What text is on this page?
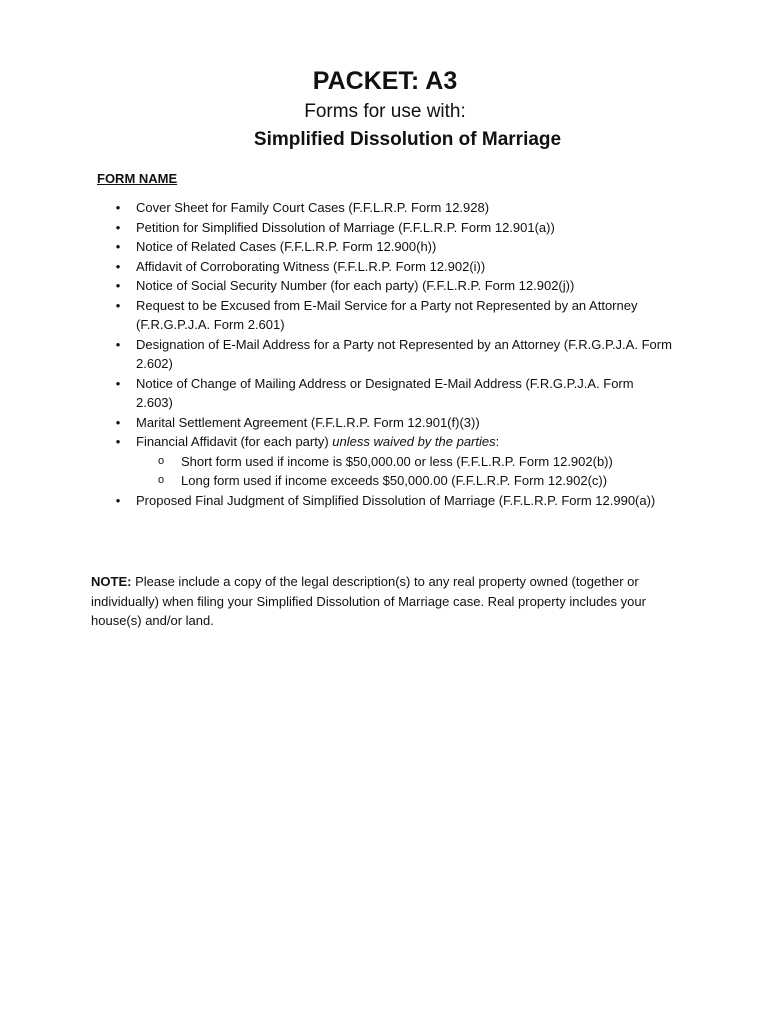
PACKET: A3

Forms for use with:

Simplified Dissolution of Marriage

FORM NAME

• Cover Sheet for Family Court Cases (F.F.L.R.P. Form 12.928)
• Petition for Simplified Dissolution of Marriage (F.F.L.R.P. Form 12.901(a))
• Notice of Related Cases (F.F.L.R.P. Form 12.900(h))
• Affidavit of Corroborating Witness (F.F.L.R.P. Form 12.902(i))
• Notice of Social Security Number (for each party) (F.F.L.R.P. Form 12.902(j))
• Request to be Excused from E-Mail Service for a Party not Represented by an Attorney (F.R.G.P.J.A. Form 2.601)
• Designation of E-Mail Address for a Party not Represented by an Attorney (F.R.G.P.J.A. Form 2.602)
• Notice of Change of Mailing Address or Designated E-Mail Address (F.R.G.P.J.A. Form 2.603)
• Marital Settlement Agreement (F.F.L.R.P. Form 12.901(f)(3))
• Financial Affidavit (for each party) unless waived by the parties:
o Short form used if income is $50,000.00 or less (F.F.L.R.P. Form 12.902(b))
o Long form used if income exceeds $50,000.00 (F.F.L.R.P. Form 12.902(c))
• Proposed Final Judgment of Simplified Dissolution of Marriage (F.F.L.R.P. Form 12.990(a))

NOTE: Please include a copy of the legal description(s) to any real property owned (together or individually) when filing your Simplified Dissolution of Marriage case. Real property includes your house(s) and/or land.
